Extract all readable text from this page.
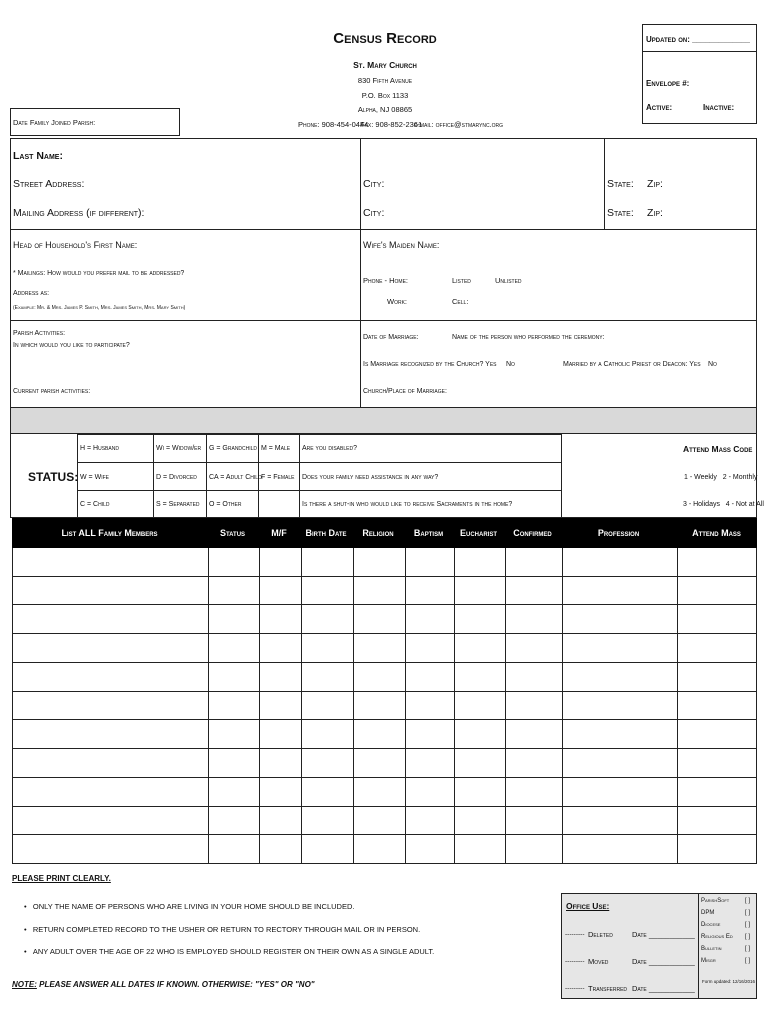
Census Record
St. Mary Church
830 Fifth Avenue
P.O. Box 1133
Alpha, NJ 08865
Phone: 908-454-0444
Fax: 908-852-2361
e-mail: office@stmarync.org
Date Family Joined Parish:
Updated on: _____________
Envelope #:
Active:	Inactive:
Last Name:
Street Address:	City:	State: Zip:
Mailing Address (if different):	City:	State: Zip:
Head of Household's First Name:	Wife's Maiden Name:
* Mailings: How would you prefer mail to be addressed?
Address as:
(Example: Mr. & Mrs. James P. Smith, Mrs. James Smith, Mrs. Mary Smith)
Phone - Home:	Listed	Unlisted
Work:	Cell:
Parish Activities:
In which would you like to participate?
Current parish activities:
Date of Marriage:	Name of the person who performed the ceremony:
Is Marriage recognized by the Church? Yes No	Married by a Catholic Priest or Deacon: Yes No
Church/Place of Marriage:
STATUS:
H = Husband	Wi = Widow/er G = Grandchild M = Male
W = Wife	D = Divorced CA = Adult Child F = Female
C = Child	S = Separated O = Other
Are you disabled?
Does your family need assistance in any way?
Is there a shut-in who would like to receive Sacraments in the home?
Attend Mass Code
1 - Weekly   2 - Monthly
3 - Holidays   4 - Not at All
List ALL Family Members	Status	M/F	Birth Date	Religion	Baptism	Eucharist	Confirmed	Profession	Attend Mass
PLEASE PRINT CLEARLY.
•   ONLY THE NAME OF PERSONS WHO ARE LIVING IN YOUR HOME SHOULD BE INCLUDED.
•   RETURN COMPLETED RECORD TO THE USHER OR RETURN TO RECTORY THROUGH MAIL OR IN PERSON.
•   ANY ADULT OVER THE AGE OF 22 WHO IS EMPLOYED SHOULD REGISTER ON THEIR OWN AS A SINGLE ADULT.
NOTE: PLEASE ANSWER ALL DATES IF KNOWN. OTHERWISE: "YES" OR "NO"
Office Use:
--------- Deleted	Date ___________
--------- Moved	Date ___________
--------- Transferred Date ___________
ParishSoft	[ ]
DPM	[ ]
Diocese	[ ]
Religious Ed [ ]
Bulletin	[ ]
Misgr	[ ]
Form updated: 12/16/2016
